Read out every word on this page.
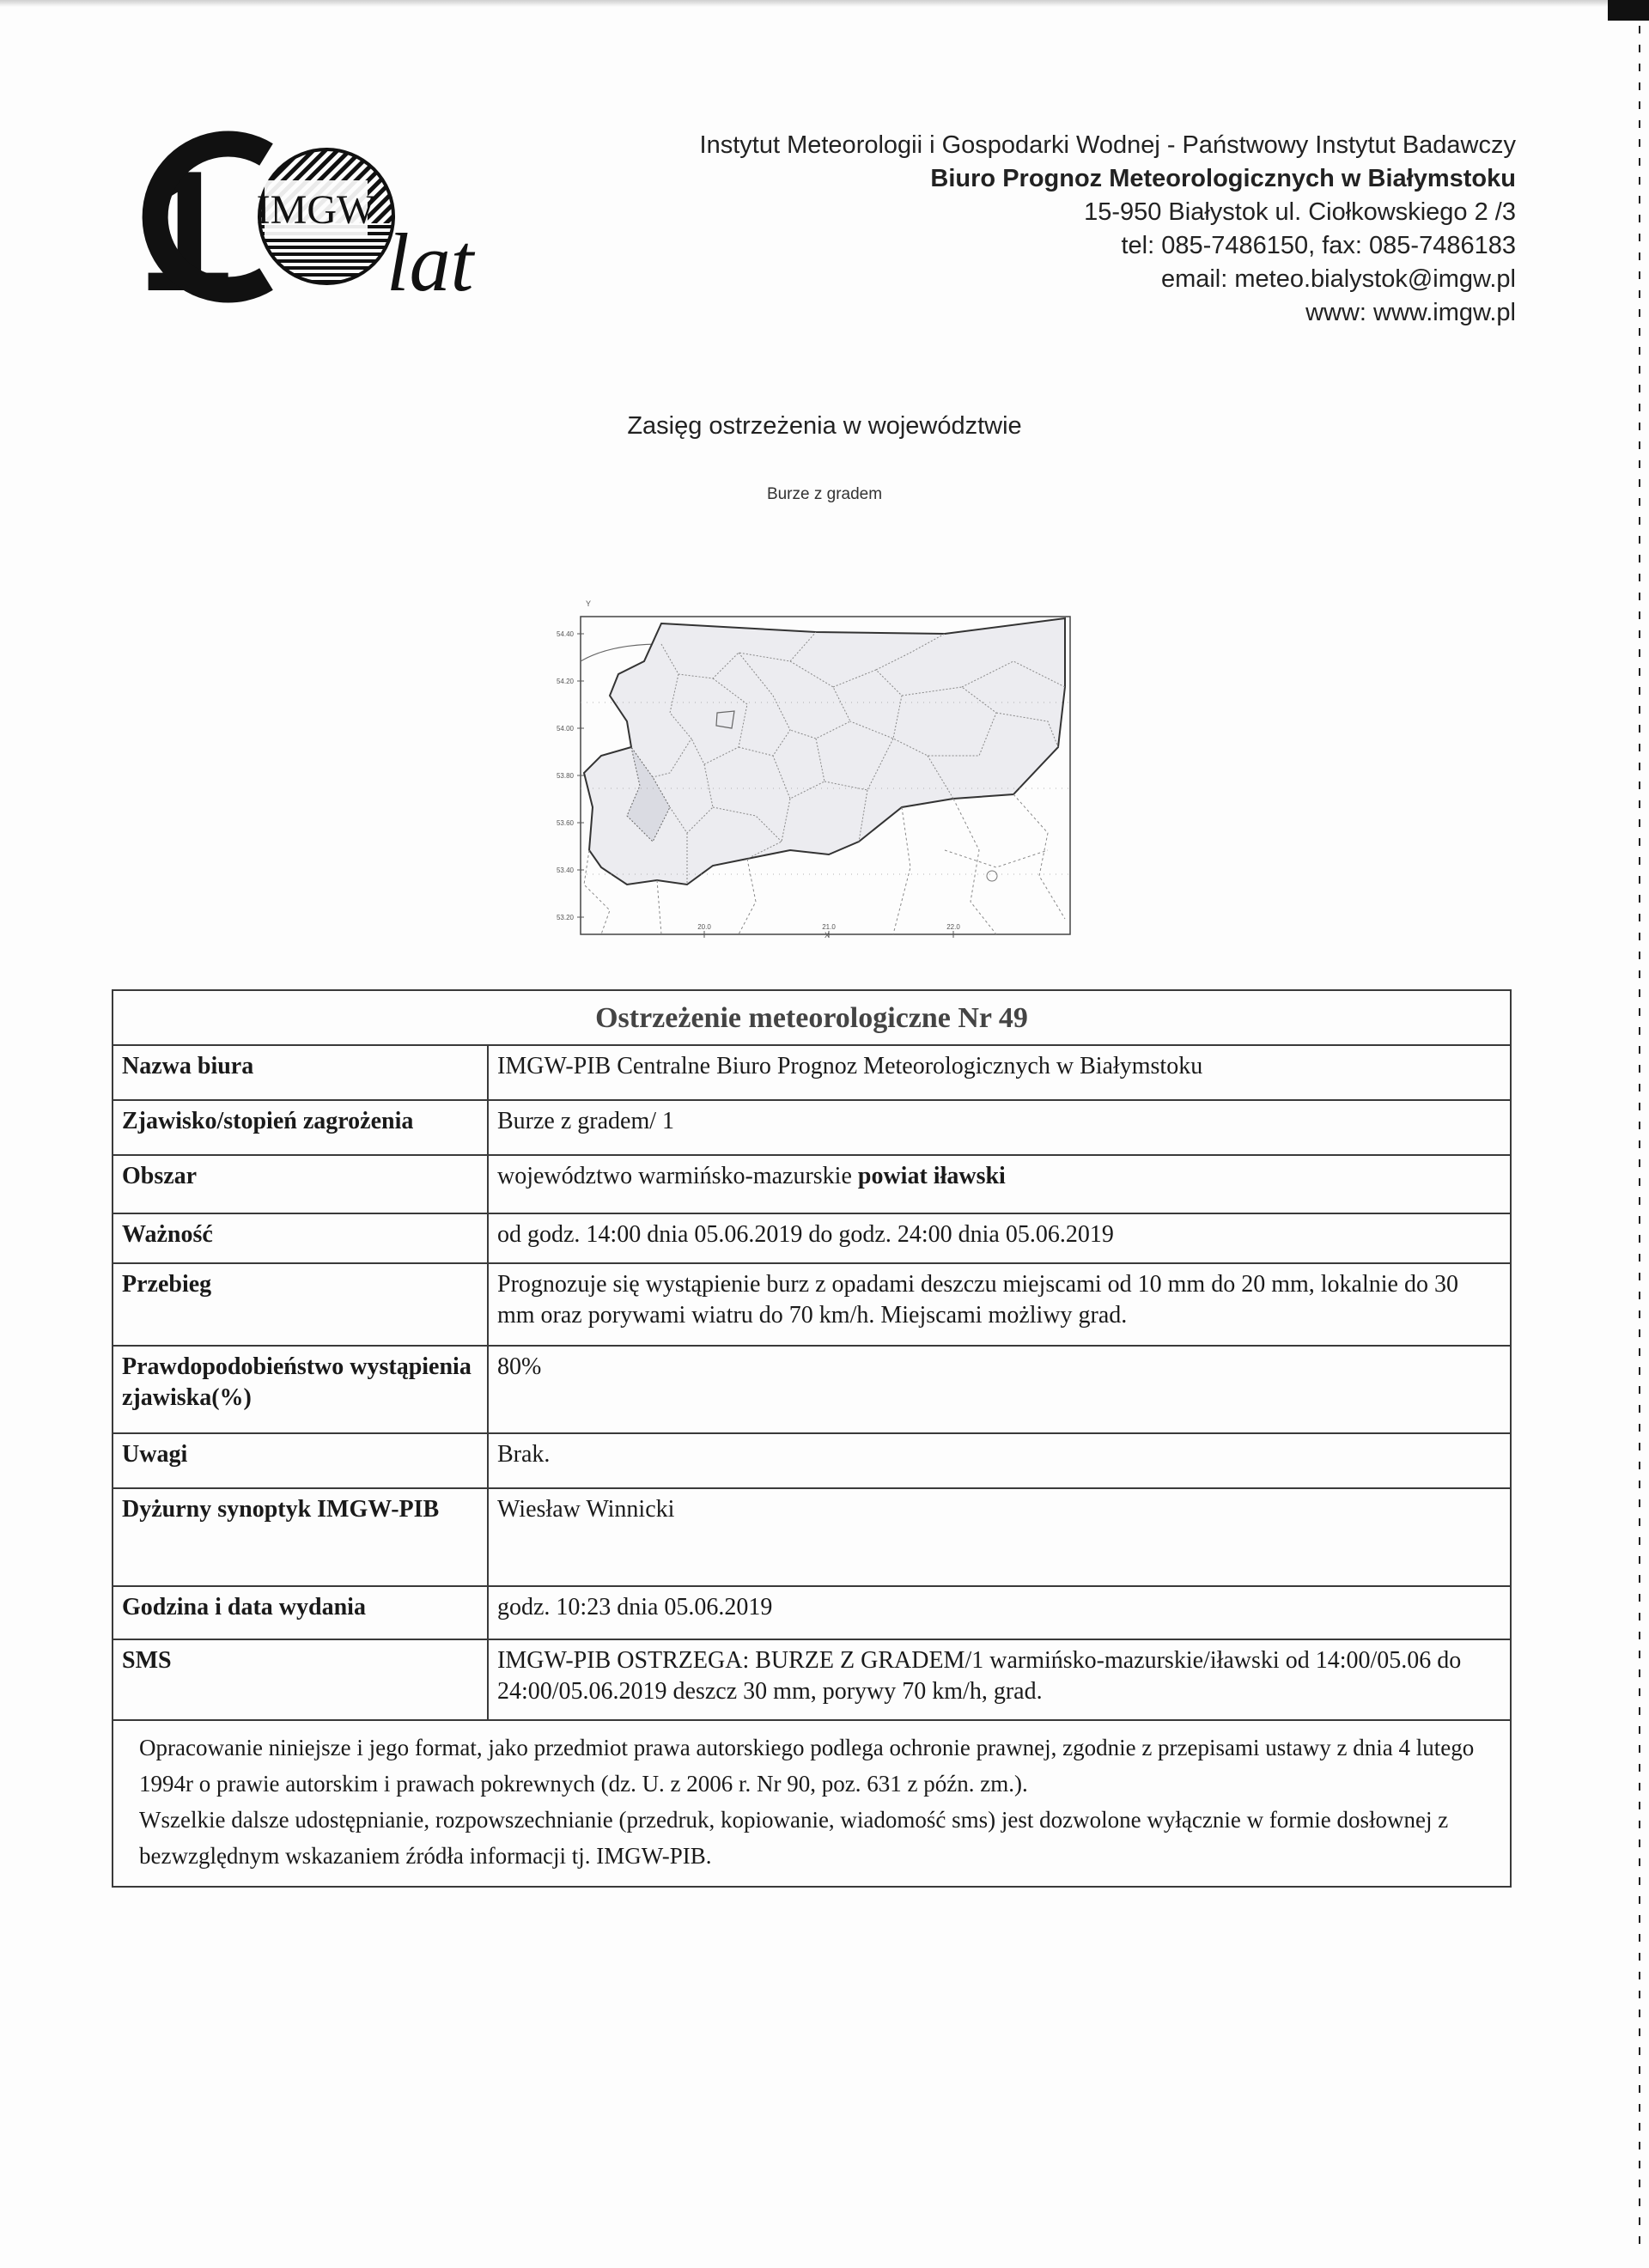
1 IMGW
lat
Instytut Meteorologii i Gospodarki Wodnej - Państwowy Instytut Badawczy
Biuro Prognoz Meteorologicznych w Białymstoku
15-950 Białystok ul. Ciołkowskiego 2 /3
tel: 085-7486150, fax: 085-7486183
email: meteo.bialystok@imgw.pl
www: www.imgw.pl
Zasięg ostrzeżenia w województwie
Burze z gradem
Y
54.40
54.20
54.00
53.80
53.60
53.40
53.20
20.0	21.0	22.0
X
Ostrzeżenie meteorologiczne Nr 49	
Nazwa biura	IMGW-PIB Centralne Biuro Prognoz Meteorologicznych w Białymstoku
Zjawisko/stopień zagrożenia	Burze z gradem/ 1
Obszar	województwo warmińsko-mazurskie powiat iławski
Ważność	od godz. 14:00 dnia 05.06.2019 do godz. 24:00 dnia 05.06.2019
Przebieg	Prognozuje się wystąpienie burz z opadami deszczu miejscami od 10 mm do 20 mm, lokalnie do 30 mm oraz porywami wiatru do 70 km/h. Miejscami możliwy grad.
Prawdopodobieństwo wystąpienia zjawiska(%)	80%
Uwagi	Brak.
Dyżurny synoptyk IMGW-PIB	Wiesław Winnicki
Godzina i data wydania	godz. 10:23 dnia 05.06.2019
SMS	IMGW-PIB OSTRZEGA: BURZE Z GRADEM/1 warmińsko-mazurskie/iławski od 14:00/05.06 do 24:00/05.06.2019 deszcz 30 mm, porywy 70 km/h, grad.

Opracowanie niniejsze i jego format, jako przedmiot prawa autorskiego podlega ochronie prawnej, zgodnie z przepisami ustawy z dnia 4 lutego 1994r o prawie autorskim i prawach pokrewnych (dz. U. z 2006 r. Nr 90, poz. 631 z późn. zm.).
Wszelkie dalsze udostępnianie, rozpowszechnianie (przedruk, kopiowanie, wiadomość sms) jest dozwolone wyłącznie w formie dosłownej z bezwzględnym wskazaniem źródła informacji tj. IMGW-PIB.	
